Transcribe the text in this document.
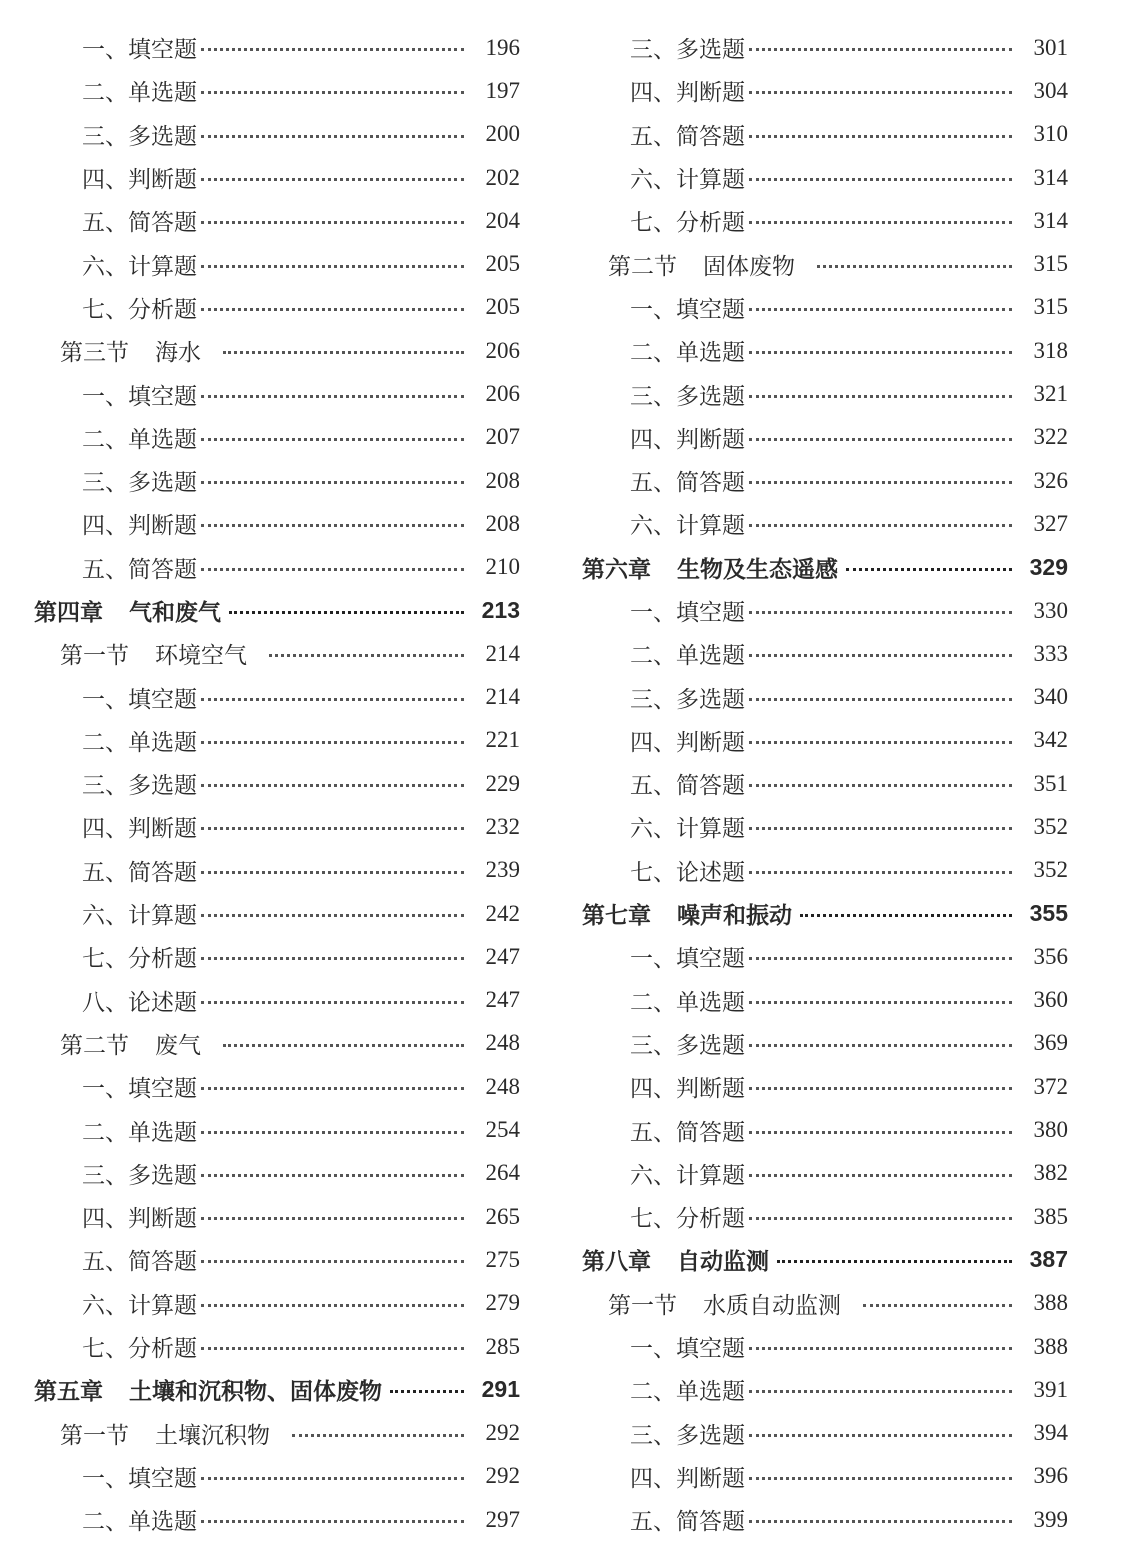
一、填空题	196
二、单选题	197
三、多选题	200
四、判断题	202
五、简答题	204
六、计算题	205
七、分析题	205
第三节 海水	206
一、填空题	206
二、单选题	207
三、多选题	208
四、判断题	208
五、简答题	210
第四章 气和废气	213
第一节 环境空气	214
一、填空题	214
二、单选题	221
三、多选题	229
四、判断题	232
五、简答题	239
六、计算题	242
七、分析题	247
八、论述题	247
第二节 废气	248
一、填空题	248
二、单选题	254
三、多选题	264
四、判断题	265
五、简答题	275
六、计算题	279
七、分析题	285
第五章 土壤和沉积物、固体废物	291
第一节 土壤沉积物	292
一、填空题	292
二、单选题	297
三、多选题	301
四、判断题	304
五、简答题	310
六、计算题	314
七、分析题	314
第二节 固体废物	315
一、填空题	315
二、单选题	318
三、多选题	321
四、判断题	322
五、简答题	326
六、计算题	327
第六章 生物及生态遥感	329
一、填空题	330
二、单选题	333
三、多选题	340
四、判断题	342
五、简答题	351
六、计算题	352
七、论述题	352
第七章 噪声和振动	355
一、填空题	356
二、单选题	360
三、多选题	369
四、判断题	372
五、简答题	380
六、计算题	382
七、分析题	385
第八章 自动监测	387
第一节 水质自动监测	388
一、填空题	388
二、单选题	391
三、多选题	394
四、判断题	396
五、简答题	399
